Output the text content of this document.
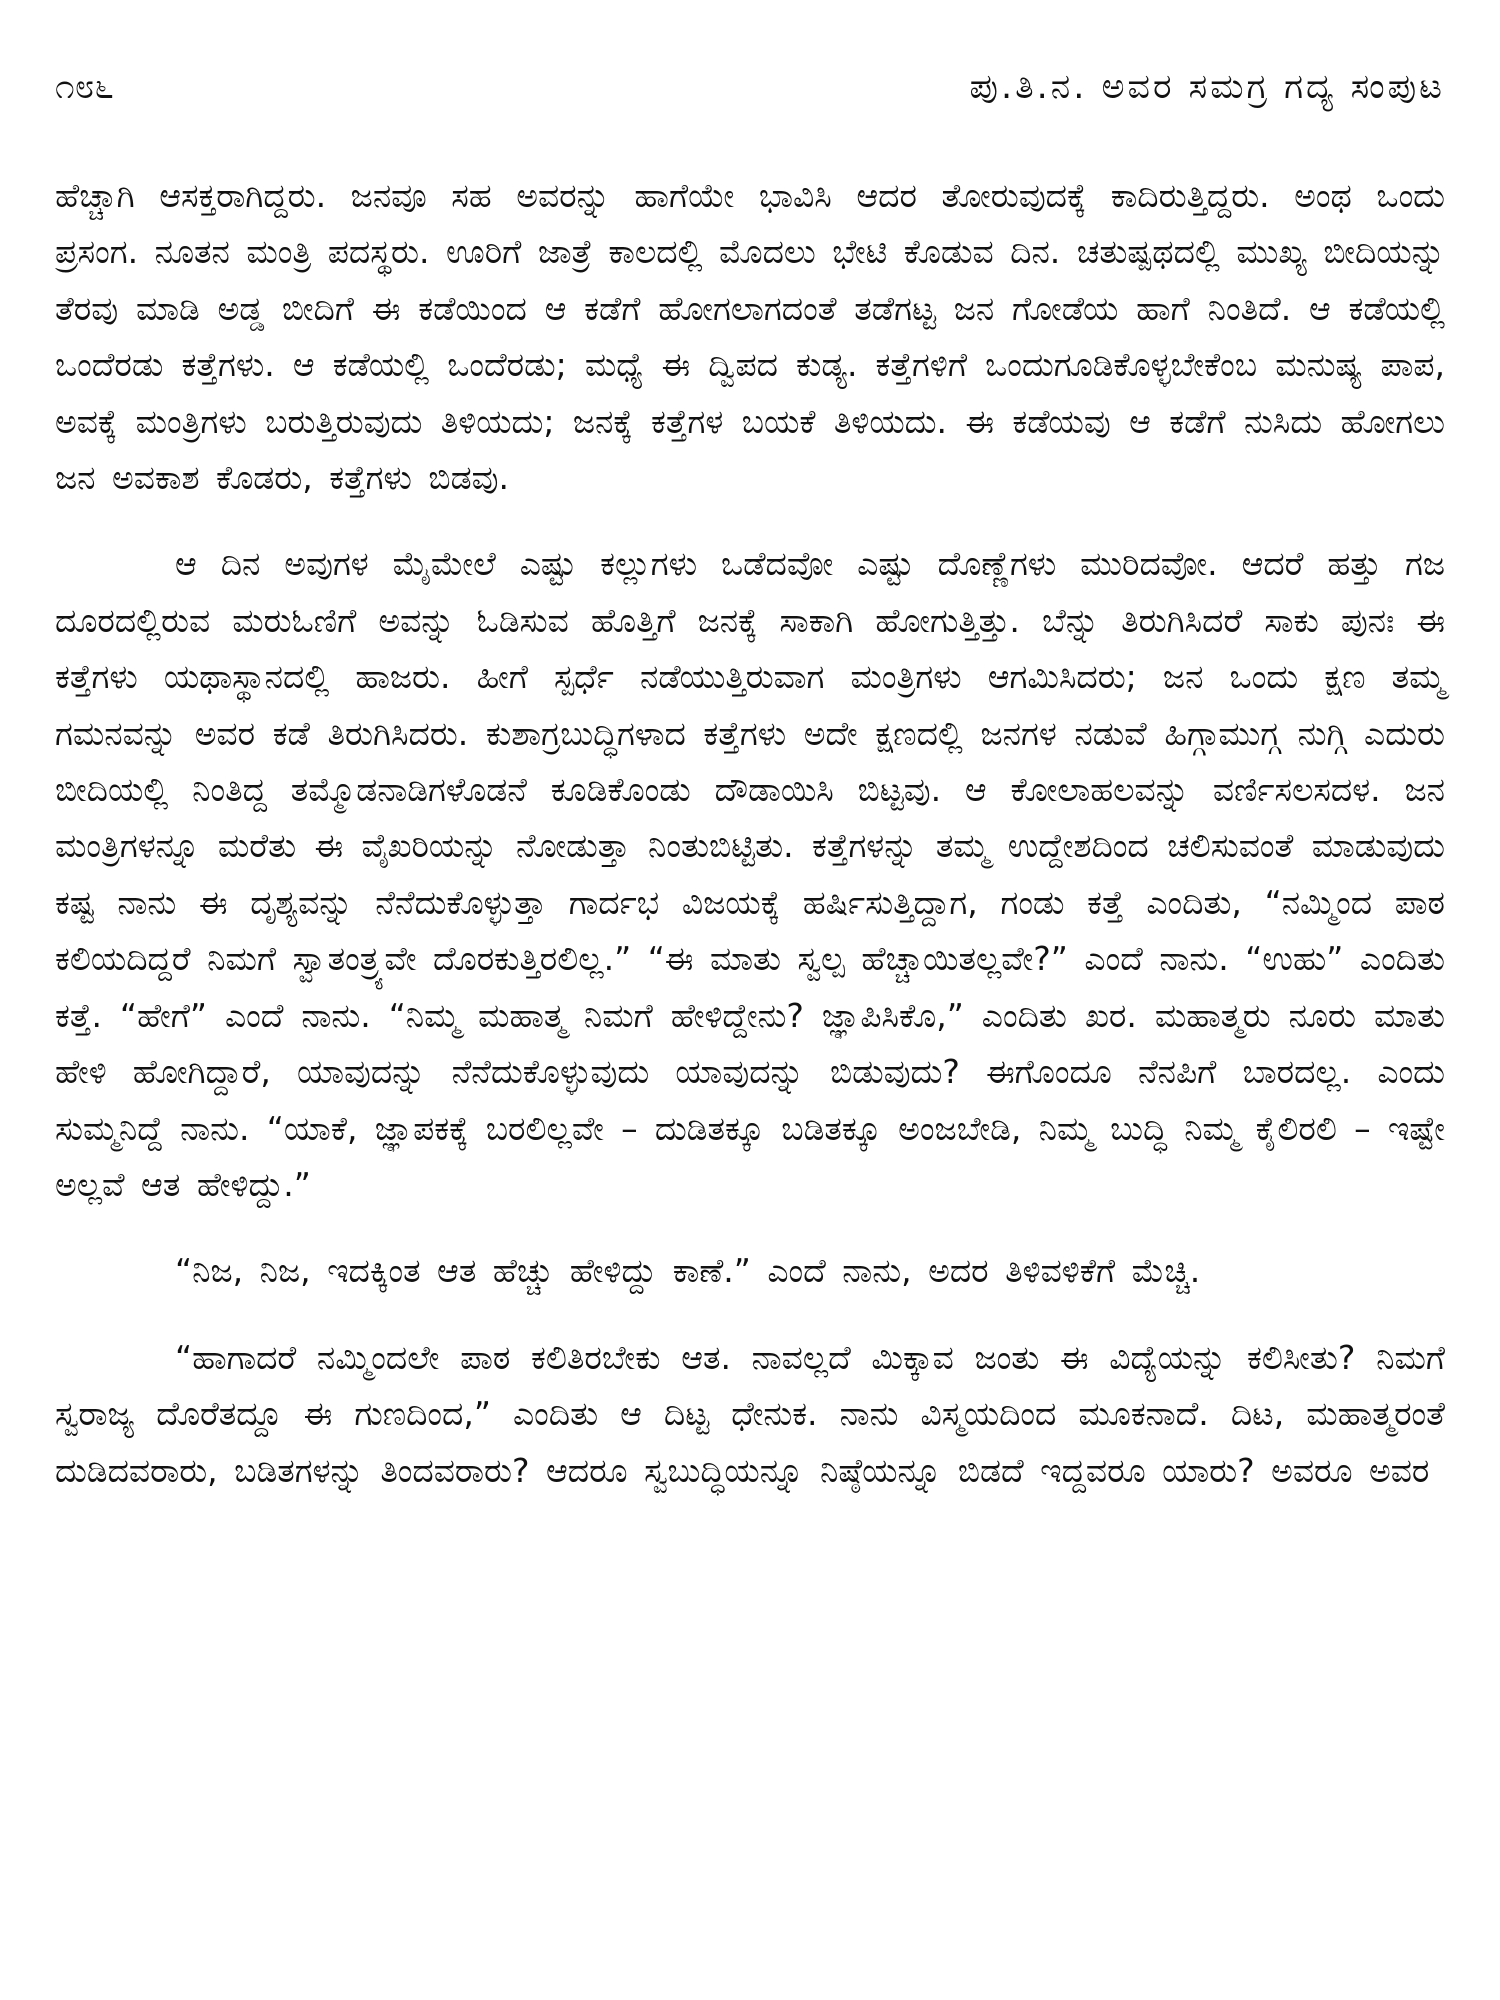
೧೮೬	ಪು.ತಿ.ನ. ಅವರ ಸಮಗ್ರ ಗದ್ಯ ಸಂಪುಟ

ಹೆಚ್ಚಾಗಿ ಆಸಕ್ತರಾಗಿದ್ದರು. ಜನವೂ ಸಹ ಅವರನ್ನು ಹಾಗೆಯೇ ಭಾವಿಸಿ ಆದರ ತೋರುವುದಕ್ಕೆ ಕಾದಿರುತ್ತಿದ್ದರು. ಅಂಥ ಒಂದು ಪ್ರಸಂಗ. ನೂತನ ಮಂತ್ರಿ ಪದಸ್ಥರು. ಊರಿಗೆ ಜಾತ್ರೆ ಕಾಲದಲ್ಲಿ ಮೊದಲು ಭೇಟಿ ಕೊಡುವ ದಿನ. ಚತುಷ್ಪಥದಲ್ಲಿ ಮುಖ್ಯ ಬೀದಿಯನ್ನು ತೆರವು ಮಾಡಿ ಅಡ್ಡ ಬೀದಿಗೆ ಈ ಕಡೆಯಿಂದ ಆ ಕಡೆಗೆ ಹೋಗಲಾಗದಂತೆ ತಡೆಗಟ್ಟ ಜನ ಗೋಡೆಯ ಹಾಗೆ ನಿಂತಿದೆ. ಆ ಕಡೆಯಲ್ಲಿ ಒಂದೆರಡು ಕತ್ತೆಗಳು. ಆ ಕಡೆಯಲ್ಲಿ ಒಂದೆರಡು; ಮಧ್ಯೆ ಈ ದ್ವಿಪದ ಕುಡ್ಯ. ಕತ್ತೆಗಳಿಗೆ ಒಂದುಗೂಡಿಕೊಳ್ಳಬೇಕೆಂಬ ಮನುಷ್ಯ ಪಾಪ, ಅವಕ್ಕೆ ಮಂತ್ರಿಗಳು ಬರುತ್ತಿರುವುದು ತಿಳಿಯದು; ಜನಕ್ಕೆ ಕತ್ತೆಗಳ ಬಯಕೆ ತಿಳಿಯದು. ಈ ಕಡೆಯವು ಆ ಕಡೆಗೆ ನುಸಿದು ಹೋಗಲು ಜನ ಅವಕಾಶ ಕೊಡರು, ಕತ್ತೆಗಳು ಬಿಡವು.

ಆ ದಿನ ಅವುಗಳ ಮೈಮೇಲೆ ಎಷ್ಟು ಕಲ್ಲುಗಳು ಒಡೆದವೋ ಎಷ್ಟು ದೊಣ್ಣೆಗಳು ಮುರಿದವೋ. ಆದರೆ ಹತ್ತು ಗಜ ದೂರದಲ್ಲಿರುವ ಮರುಓಣಿಗೆ ಅವನ್ನು ಓಡಿಸುವ ಹೊತ್ತಿಗೆ ಜನಕ್ಕೆ ಸಾಕಾಗಿ ಹೋಗುತ್ತಿತ್ತು. ಬೆನ್ನು ತಿರುಗಿಸಿದರೆ ಸಾಕು ಪುನಃ ಈ ಕತ್ತೆಗಳು ಯಥಾಸ್ಥಾನದಲ್ಲಿ ಹಾಜರು. ಹೀಗೆ ಸ್ಪರ್ಧೆ ನಡೆಯುತ್ತಿರುವಾಗ ಮಂತ್ರಿಗಳು ಆಗಮಿಸಿದರು; ಜನ ಒಂದು ಕ್ಷಣ ತಮ್ಮ ಗಮನವನ್ನು ಅವರ ಕಡೆ ತಿರುಗಿಸಿದರು. ಕುಶಾಗ್ರಬುದ್ಧಿಗಳಾದ ಕತ್ತೆಗಳು ಅದೇ ಕ್ಷಣದಲ್ಲಿ ಜನಗಳ ನಡುವೆ ಹಿಗ್ಗಾಮುಗ್ಗ ನುಗ್ಗಿ ಎದುರು ಬೀದಿಯಲ್ಲಿ ನಿಂತಿದ್ದ ತಮ್ಮೊಡನಾಡಿಗಳೊಡನೆ ಕೂಡಿಕೊಂಡು ದೌಡಾಯಿಸಿ ಬಿಟ್ಟವು. ಆ ಕೋಲಾಹಲವನ್ನು ವರ್ಣಿಸಲಸದಳ. ಜನ ಮಂತ್ರಿಗಳನ್ನೂ ಮರೆತು ಈ ವೈಖರಿಯನ್ನು ನೋಡುತ್ತಾ ನಿಂತುಬಿಟ್ಟಿತು. ಕತ್ತೆಗಳನ್ನು ತಮ್ಮ ಉದ್ದೇಶದಿಂದ ಚಲಿಸುವಂತೆ ಮಾಡುವುದು ಕಷ್ಟ ನಾನು ಈ ದೃಶ್ಯವನ್ನು ನೆನೆದುಕೊಳ್ಳುತ್ತಾ ಗಾರ್ದಭ ವಿಜಯಕ್ಕೆ ಹರ್ಷಿಸುತ್ತಿದ್ದಾಗ, ಗಂಡು ಕತ್ತೆ ಎಂದಿತು, “ನಮ್ಮಿಂದ ಪಾಠ ಕಲಿಯದಿದ್ದರೆ ನಿಮಗೆ ಸ್ವಾತಂತ್ರ್ಯವೇ ದೊರಕುತ್ತಿರಲಿಲ್ಲ.” “ಈ ಮಾತು ಸ್ವಲ್ಪ ಹೆಚ್ಚಾಯಿತಲ್ಲವೇ?” ಎಂದೆ ನಾನು. “ಉಹು” ಎಂದಿತು ಕತ್ತೆ. “ಹೇಗೆ” ಎಂದೆ ನಾನು. “ನಿಮ್ಮ ಮಹಾತ್ಮ ನಿಮಗೆ ಹೇಳಿದ್ದೇನು? ಜ್ಞಾಪಿಸಿಕೊ,” ಎಂದಿತು ಖರ. ಮಹಾತ್ಮರು ನೂರು ಮಾತು ಹೇಳಿ ಹೋಗಿದ್ದಾರೆ, ಯಾವುದನ್ನು ನೆನೆದುಕೊಳ್ಳುವುದು ಯಾವುದನ್ನು ಬಿಡುವುದು? ಈಗೊಂದೂ ನೆನಪಿಗೆ ಬಾರದಲ್ಲ. ಎಂದು ಸುಮ್ಮನಿದ್ದೆ ನಾನು. “ಯಾಕೆ, ಜ್ಞಾಪಕಕ್ಕೆ ಬರಲಿಲ್ಲವೇ – ದುಡಿತಕ್ಕೂ ಬಡಿತಕ್ಕೂ ಅಂಜಬೇಡಿ, ನಿಮ್ಮ ಬುದ್ಧಿ ನಿಮ್ಮ ಕೈಲಿರಲಿ – ಇಷ್ಟೇ ಅಲ್ಲವೆ ಆತ ಹೇಳಿದ್ದು.”

“ನಿಜ, ನಿಜ, ಇದಕ್ಕಿಂತ ಆತ ಹೆಚ್ಚು ಹೇಳಿದ್ದು ಕಾಣೆ.” ಎಂದೆ ನಾನು, ಅದರ ತಿಳಿವಳಿಕೆಗೆ ಮೆಚ್ಚಿ.

“ಹಾಗಾದರೆ ನಮ್ಮಿಂದಲೇ ಪಾಠ ಕಲಿತಿರಬೇಕು ಆತ. ನಾವಲ್ಲದೆ ಮಿಕ್ಕಾವ ಜಂತು ಈ ವಿದ್ಯೆಯನ್ನು ಕಲಿಸೀತು? ನಿಮಗೆ ಸ್ವರಾಜ್ಯ ದೊರೆತದ್ದೂ ಈ ಗುಣದಿಂದ,” ಎಂದಿತು ಆ ದಿಟ್ಟ ಧೇನುಕ. ನಾನು ವಿಸ್ಮಯದಿಂದ ಮೂಕನಾದೆ. ದಿಟ, ಮಹಾತ್ಮರಂತೆ ದುಡಿದವರಾರು, ಬಡಿತಗಳನ್ನು ತಿಂದವರಾರು? ಆದರೂ ಸ್ವಬುದ್ಧಿಯನ್ನೂ ನಿಷ್ಠೆಯನ್ನೂ ಬಿಡದೆ ಇದ್ದವರೂ ಯಾರು? ಅವರೂ ಅವರ
